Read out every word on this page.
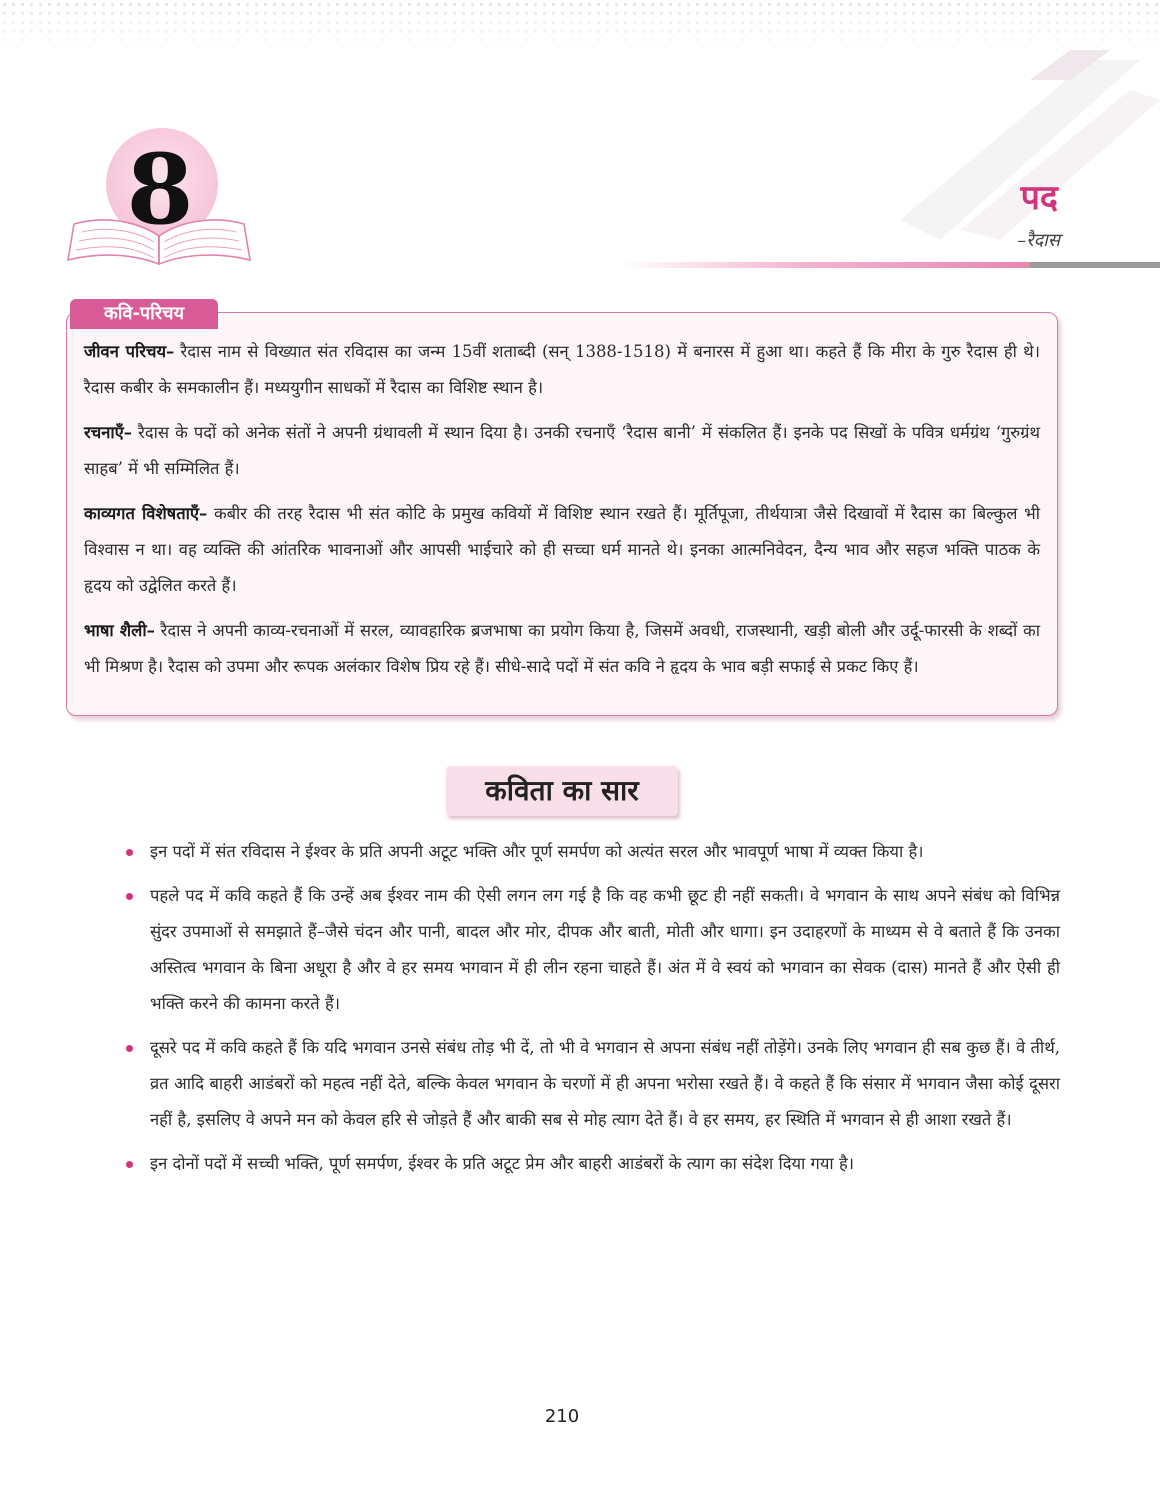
8	पद
–रैदास
कवि-परिचय

जीवन परिचय– रैदास नाम से विख्यात संत रविदास का जन्म 15वीं शताब्दी (सन् 1388-1518) में बनारस में हुआ था। कहते हैं कि मीरा के गुरु रैदास ही थे। रैदास कबीर के समकालीन हैं। मध्ययुगीन साधकों में रैदास का विशिष्ट स्थान है।

रचनाएँ– रैदास के पदों को अनेक संतों ने अपनी ग्रंथावली में स्थान दिया है। उनकी रचनाएँ ‘रैदास बानी’ में संकलित हैं। इनके पद सिखों के पवित्र धर्मग्रंथ ‘गुरुग्रंथ साहब’ में भी सम्मिलित हैं।

काव्यगत विशेषताएँ– कबीर की तरह रैदास भी संत कोटि के प्रमुख कवियों में विशिष्ट स्थान रखते हैं। मूर्तिपूजा, तीर्थयात्रा जैसे दिखावों में रैदास का बिल्कुल भी विश्वास न था। वह व्यक्ति की आंतरिक भावनाओं और आपसी भाईचारे को ही सच्चा धर्म मानते थे। इनका आत्मनिवेदन, दैन्य भाव और सहज भक्ति पाठक के हृदय को उद्वेलित करते हैं।

भाषा शैली– रैदास ने अपनी काव्य-रचनाओं में सरल, व्यावहारिक ब्रजभाषा का प्रयोग किया है, जिसमें अवधी, राजस्थानी, खड़ी बोली और उर्दू-फारसी के शब्दों का भी मिश्रण है। रैदास को उपमा और रूपक अलंकार विशेष प्रिय रहे हैं। सीधे-सादे पदों में संत कवि ने हृदय के भाव बड़ी सफाई से प्रकट किए हैं।

कविता का सार
इन पदों में संत रविदास ने ईश्वर के प्रति अपनी अटूट भक्ति और पूर्ण समर्पण को अत्यंत सरल और भावपूर्ण भाषा में व्यक्त किया है।
पहले पद में कवि कहते हैं कि उन्हें अब ईश्वर नाम की ऐसी लगन लग गई है कि वह कभी छूट ही नहीं सकती। वे भगवान के साथ अपने संबंध को विभिन्न सुंदर उपमाओं से समझाते हैं–जैसे चंदन और पानी, बादल और मोर, दीपक और बाती, मोती और धागा। इन उदाहरणों के माध्यम से वे बताते हैं कि उनका अस्तित्व भगवान के बिना अधूरा है और वे हर समय भगवान में ही लीन रहना चाहते हैं। अंत में वे स्वयं को भगवान का सेवक (दास) मानते हैं और ऐसी ही भक्ति करने की कामना करते हैं।
दूसरे पद में कवि कहते हैं कि यदि भगवान उनसे संबंध तोड़ भी दें, तो भी वे भगवान से अपना संबंध नहीं तोड़ेंगे। उनके लिए भगवान ही सब कुछ हैं। वे तीर्थ, व्रत आदि बाहरी आडंबरों को महत्व नहीं देते, बल्कि केवल भगवान के चरणों में ही अपना भरोसा रखते हैं। वे कहते हैं कि संसार में भगवान जैसा कोई दूसरा नहीं है, इसलिए वे अपने मन को केवल हरि से जोड़ते हैं और बाकी सब से मोह त्याग देते हैं। वे हर समय, हर स्थिति में भगवान से ही आशा रखते हैं।
इन दोनों पदों में सच्ची भक्ति, पूर्ण समर्पण, ईश्वर के प्रति अटूट प्रेम और बाहरी आडंबरों के त्याग का संदेश दिया गया है।
210
